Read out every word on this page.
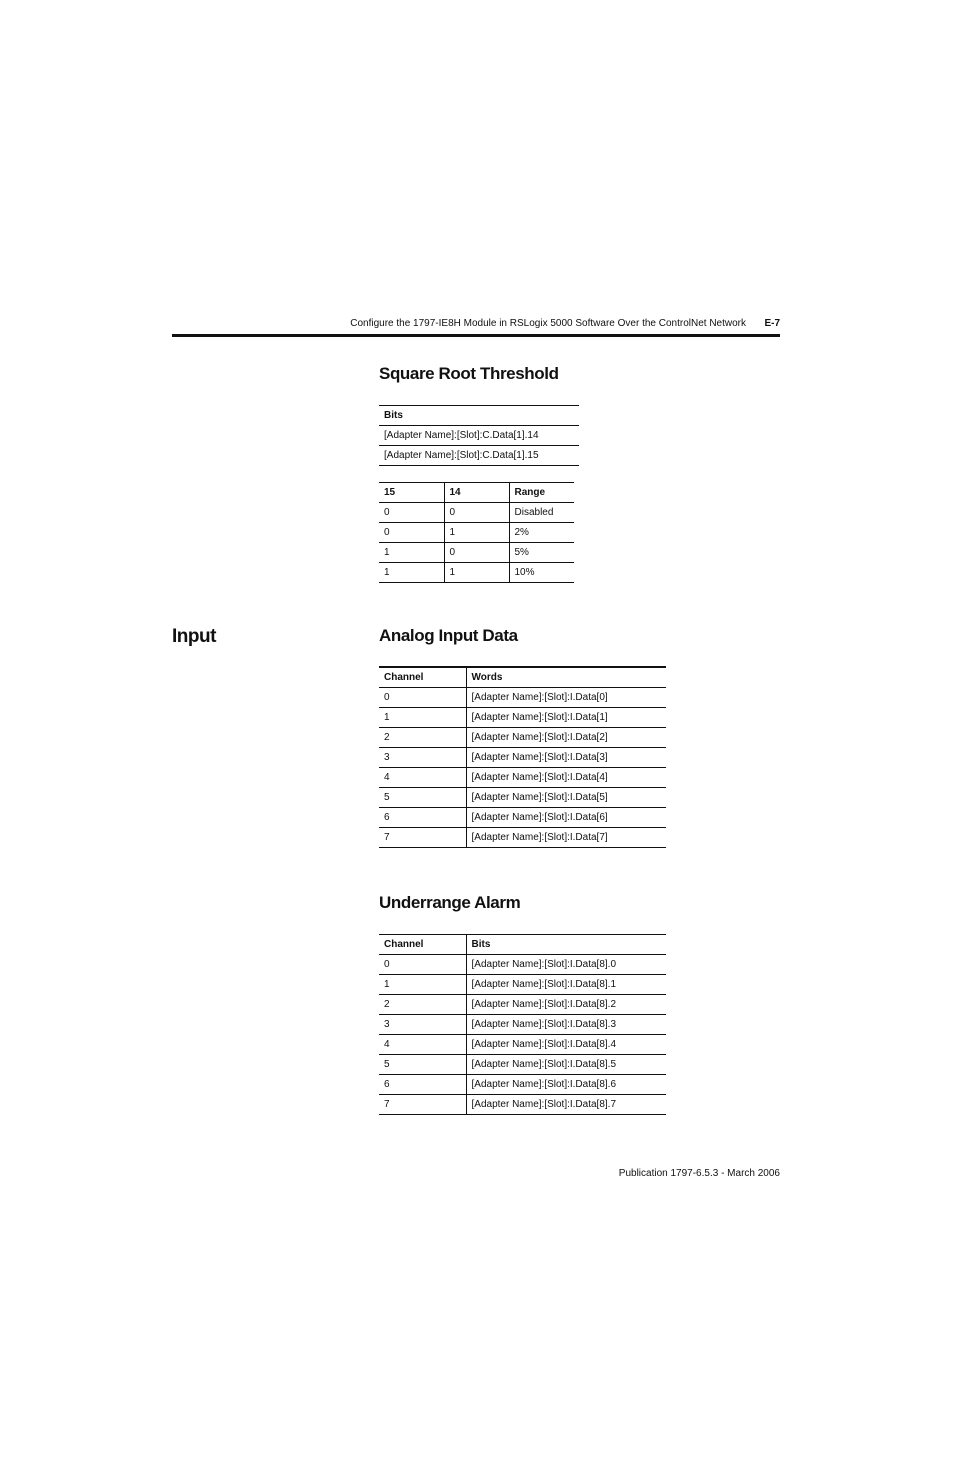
Configure the 1797-IE8H Module in RSLogix 5000 Software Over the ControlNet Network E-7
Square Root Threshold
Bits
[Adapter Name]:[Slot]:C.Data[1].14
[Adapter Name]:[Slot]:C.Data[1].15
15	14	Range
0	0	Disabled
0	1	2%
1	0	5%
1	1	10%
Input	Analog Input Data
Channel	Words
0	[Adapter Name]:[Slot]:I.Data[0]
1	[Adapter Name]:[Slot]:I.Data[1]
2	[Adapter Name]:[Slot]:I.Data[2]
3	[Adapter Name]:[Slot]:I.Data[3]
4	[Adapter Name]:[Slot]:I.Data[4]
5	[Adapter Name]:[Slot]:I.Data[5]
6	[Adapter Name]:[Slot]:I.Data[6]
7	[Adapter Name]:[Slot]:I.Data[7]
Underrange Alarm
Channel	Bits
0	[Adapter Name]:[Slot]:I.Data[8].0
1	[Adapter Name]:[Slot]:I.Data[8].1
2	[Adapter Name]:[Slot]:I.Data[8].2
3	[Adapter Name]:[Slot]:I.Data[8].3
4	[Adapter Name]:[Slot]:I.Data[8].4
5	[Adapter Name]:[Slot]:I.Data[8].5
6	[Adapter Name]:[Slot]:I.Data[8].6
7	[Adapter Name]:[Slot]:I.Data[8].7
Publication 1797-6.5.3 - March 2006
